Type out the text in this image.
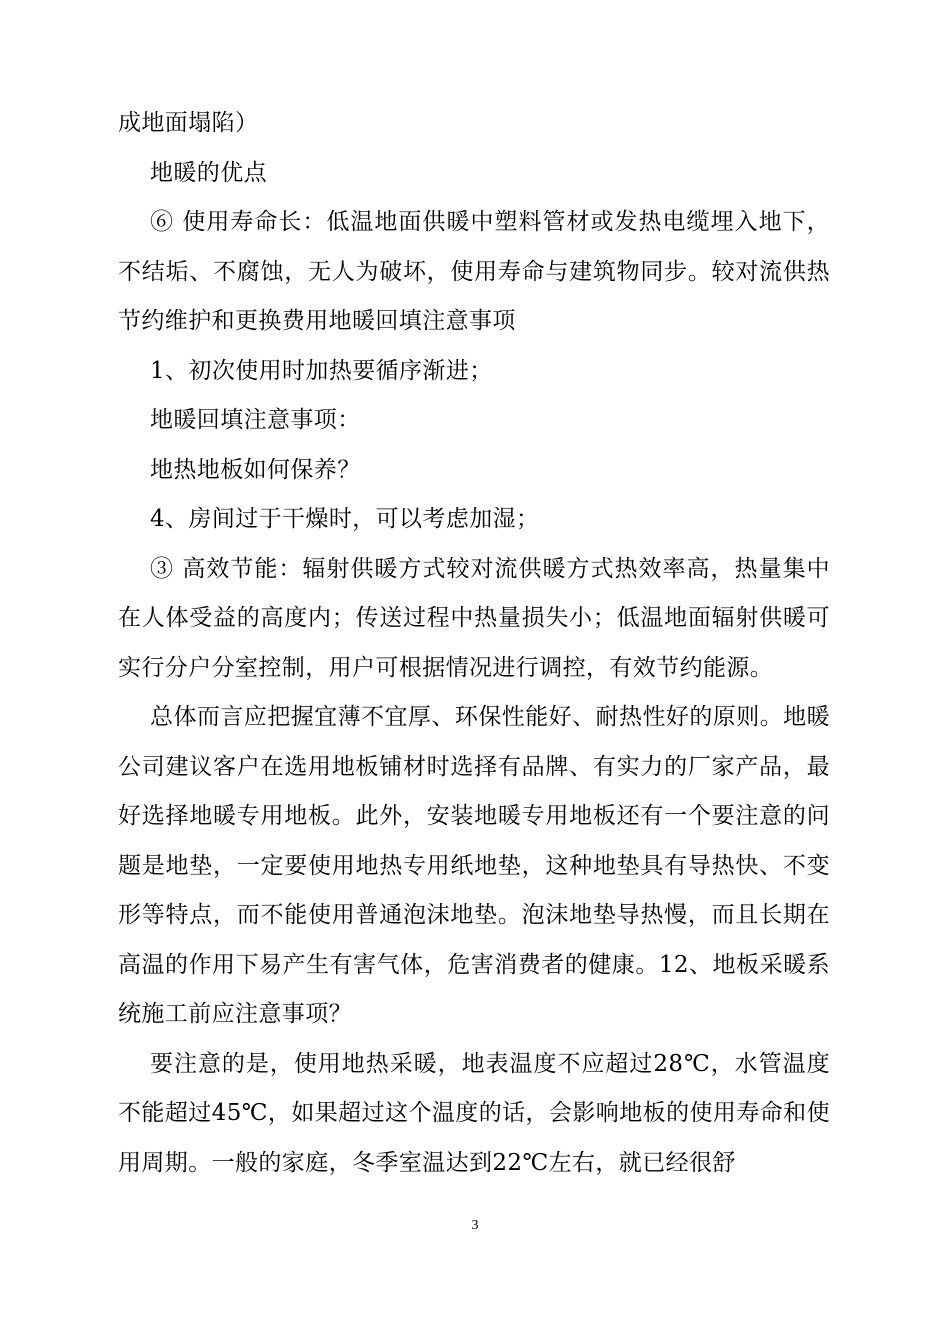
成地面塌陷）

地暖的优点

⑥ 使用寿命长：低温地面供暖中塑料管材或发热电缆埋入地下，不结垢、不腐蚀，无人为破坏，使用寿命与建筑物同步。较对流供热节约维护和更换费用地暖回填注意事项

1、初次使用时加热要循序渐进；

地暖回填注意事项：

地热地板如何保养？

4、房间过于干燥时，可以考虑加湿；

③ 高效节能：辐射供暖方式较对流供暖方式热效率高，热量集中在人体受益的高度内；传送过程中热量损失小；低温地面辐射供暖可实行分户分室控制，用户可根据情况进行调控，有效节约能源。

总体而言应把握宜薄不宜厚、环保性能好、耐热性好的原则。地暖公司建议客户在选用地板铺材时选择有品牌、有实力的厂家产品，最好选择地暖专用地板。此外，安装地暖专用地板还有一个要注意的问题是地垫，一定要使用地热专用纸地垫，这种地垫具有导热快、不变形等特点，而不能使用普通泡沫地垫。泡沫地垫导热慢，而且长期在高温的作用下易产生有害气体，危害消费者的健康。12、地板采暖系统施工前应注意事项？

要注意的是，使用地热采暖，地表温度不应超过28℃，水管温度不能超过45℃，如果超过这个温度的话，会影响地板的使用寿命和使用周期。一般的家庭，冬季室温达到22℃左右，就已经很舒

3
